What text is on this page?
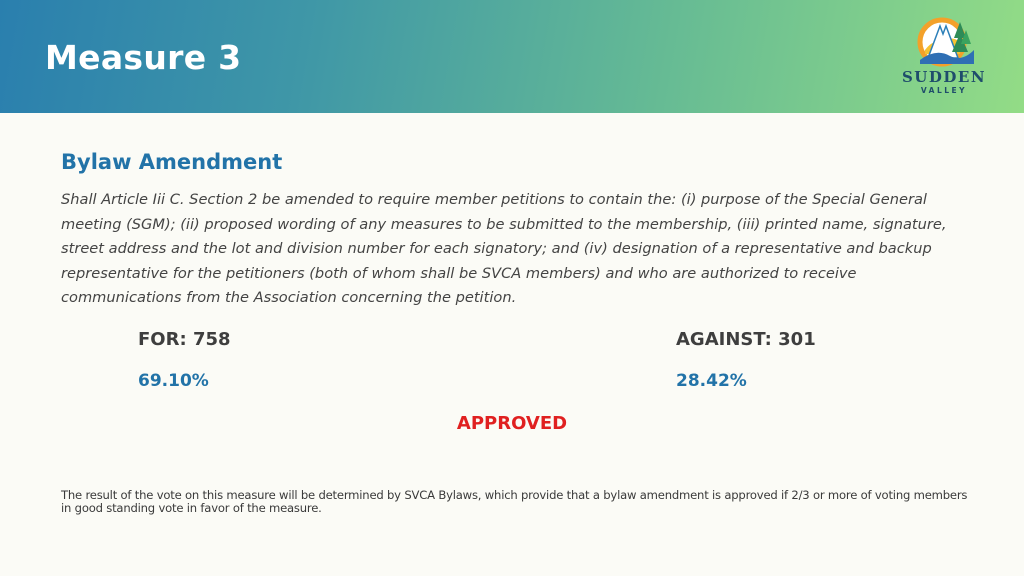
Measure 3	SUDDEN
VALLEY
Bylaw Amendment
Shall Article Iii C. Section 2 be amended to require member petitions to contain the: (i) purpose of the Special General meeting (SGM); (ii) proposed wording of any measures to be submitted to the membership, (iii) printed name, signature, street address and the lot and division number for each signatory; and (iv) designation of a representative and backup representative for the petitioners (both of whom shall be SVCA members) and who are authorized to receive communications from the Association concerning the petition.
FOR: 758	AGAINST: 301
69.10%	28.42%
APPROVED
The result of the vote on this measure will be determined by SVCA Bylaws, which provide that a bylaw amendment is approved if 2/3 or more of voting members in good standing vote in favor of the measure.
